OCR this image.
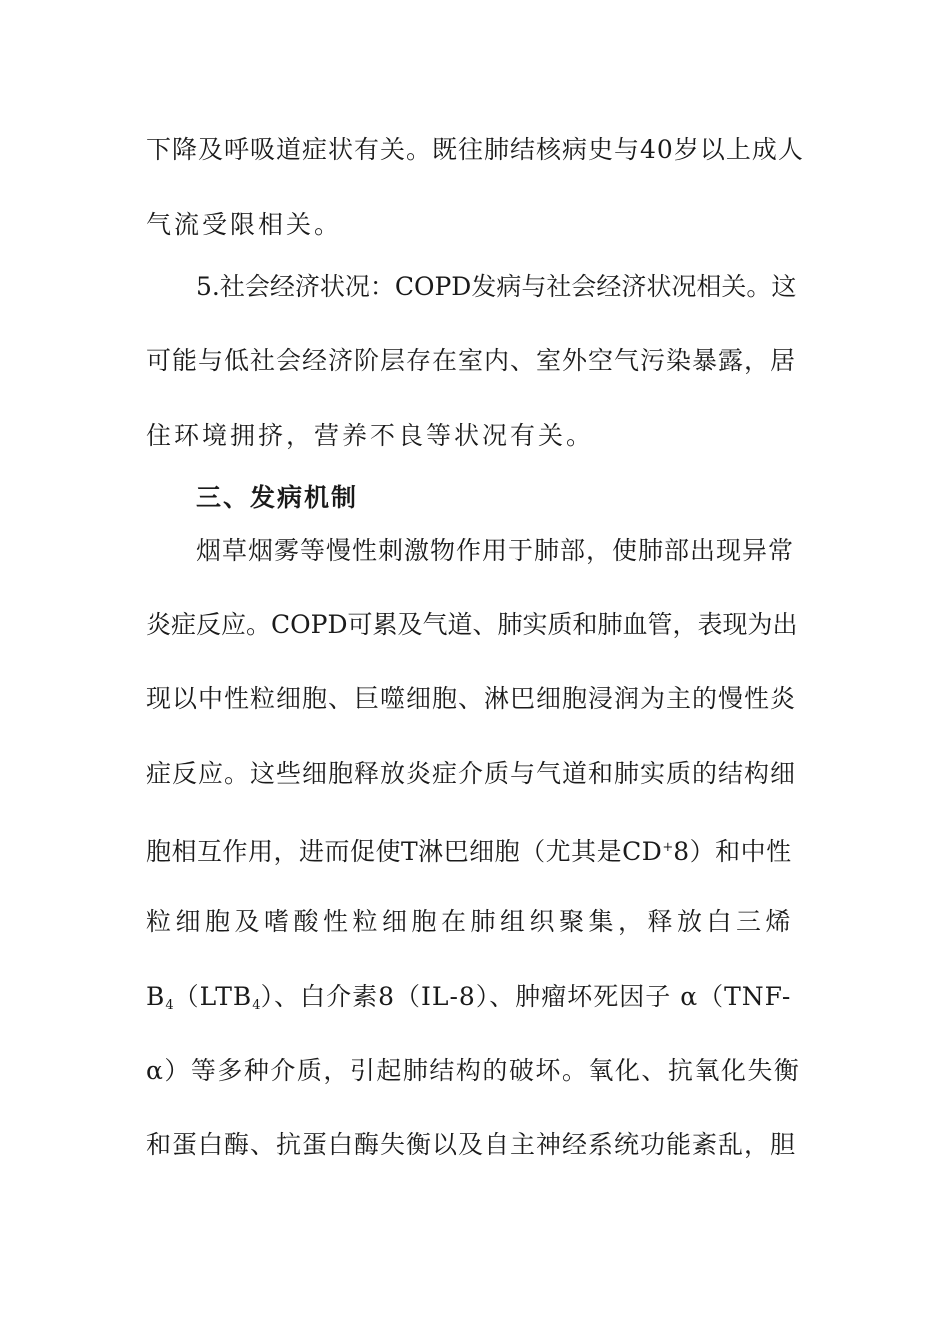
下降及呼吸道症状有关。既往肺结核病史与40岁以上成人
气流受限相关。
5.社会经济状况：COPD发病与社会经济状况相关。这
可能与低社会经济阶层存在室内、室外空气污染暴露，居
住环境拥挤，营养不良等状况有关。
三、发病机制
烟草烟雾等慢性刺激物作用于肺部，使肺部出现异常
炎症反应。COPD可累及气道、肺实质和肺血管，表现为出
现以中性粒细胞、巨噬细胞、淋巴细胞浸润为主的慢性炎
症反应。这些细胞释放炎症介质与气道和肺实质的结构细
胞相互作用，进而促使T淋巴细胞（尤其是CD+8）和中性
粒细胞及嗜酸性粒细胞在肺组织聚集，释放白三烯
$B_4(LTB_4)$、白介素8（IL-8）、肿瘤坏死因子 α（TNF-
α）等多种介质，引起肺结构的破坏。氧化、抗氧化失衡
和蛋白酶、抗蛋白酶失衡以及自主神经系统功能紊乱，胆
